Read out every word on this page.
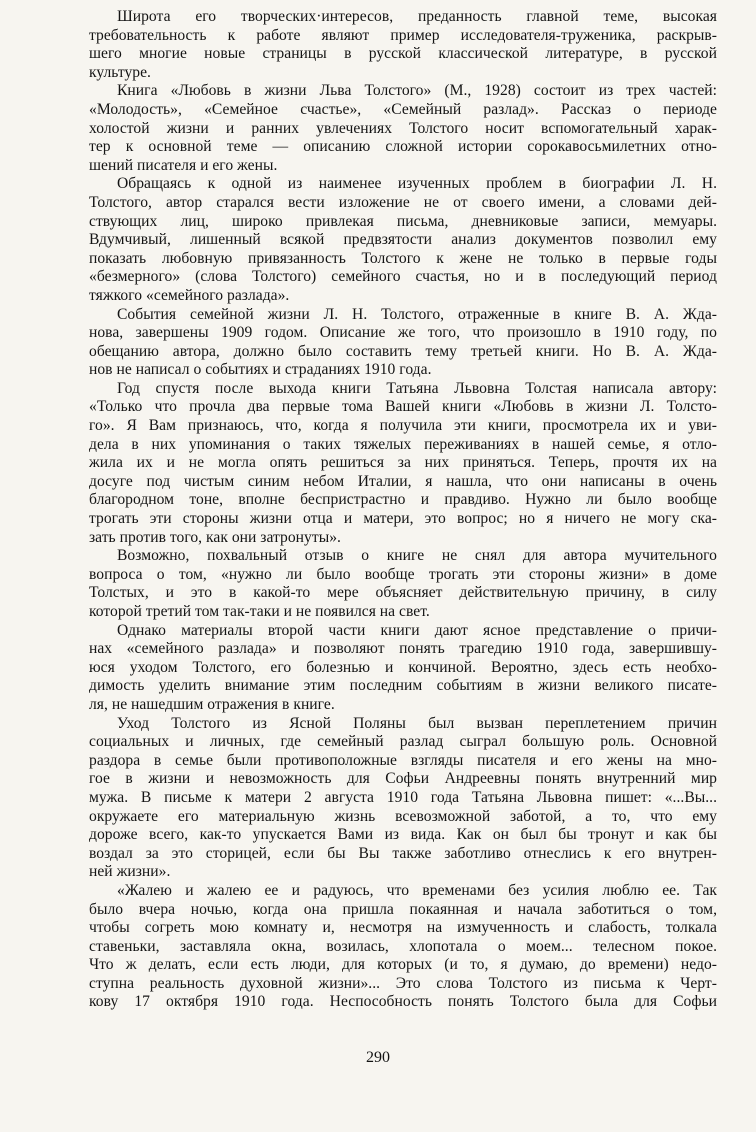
Широта его творческих·интересов, преданность главной теме, высокая
требовательность к работе являют пример исследователя-труженика, раскрыв-
шего многие новые страницы в русской классической литературе, в русской
культуре.
Книга «Любовь в жизни Льва Толстого» (М., 1928) состоит из трех частей:
«Молодость», «Семейное счастье», «Семейный разлад». Рассказ о периоде
холостой жизни и ранних увлечениях Толстого носит вспомогательный харак-
тер к основной теме — описанию сложной истории сорокавосьмилетних отно-
шений писателя и его жены.
Обращаясь к одной из наименее изученных проблем в биографии Л. Н.
Толстого, автор старался вести изложение не от своего имени, а словами дей-
ствующих лиц, широко привлекая письма, дневниковые записи, мемуары.
Вдумчивый, лишенный всякой предвзятости анализ документов позволил ему
показать любовную привязанность Толстого к жене не только в первые годы
«безмерного» (слова Толстого) семейного счастья, но и в последующий период
тяжкого «семейного разлада».
События семейной жизни Л. Н. Толстого, отраженные в книге В. А. Жда-
нова, завершены 1909 годом. Описание же того, что произошло в 1910 году, по
обещанию автора, должно было составить тему третьей книги. Но В. А. Жда-
нов не написал о событиях и страданиях 1910 года.
Год спустя после выхода книги Татьяна Львовна Толстая написала автору:
«Только что прочла два первые тома Вашей книги «Любовь в жизни Л. Толсто-
го». Я Вам признаюсь, что, когда я получила эти книги, просмотрела их и уви-
дела в них упоминания о таких тяжелых переживаниях в нашей семье, я отло-
жила их и не могла опять решиться за них приняться. Теперь, прочтя их на
досуге под чистым синим небом Италии, я нашла, что они написаны в очень
благородном тоне, вполне беспристрастно и правдиво. Нужно ли было вообще
трогать эти стороны жизни отца и матери, это вопрос; но я ничего не могу ска-
зать против того, как они затронуты».
Возможно, похвальный отзыв о книге не снял для автора мучительного
вопроса о том, «нужно ли было вообще трогать эти стороны жизни» в доме
Толстых, и это в какой-то мере объясняет действительную причину, в силу
которой третий том так-таки и не появился на свет.
Однако материалы второй части книги дают ясное представление о причи-
нах «семейного разлада» и позволяют понять трагедию 1910 года, завершившу-
юся уходом Толстого, его болезнью и кончиной. Вероятно, здесь есть необхо-
димость уделить внимание этим последним событиям в жизни великого писате-
ля, не нашедшим отражения в книге.
Уход Толстого из Ясной Поляны был вызван переплетением причин
социальных и личных, где семейный разлад сыграл большую роль. Основной
раздора в семье были противоположные взгляды писателя и его жены на мно-
гое в жизни и невозможность для Софьи Андреевны понять внутренний мир
мужа. В письме к матери 2 августа 1910 года Татьяна Львовна пишет: «...Вы...
окружаете его материальную жизнь всевозможной заботой, а то, что ему
дороже всего, как-то упускается Вами из вида. Как он был бы тронут и как бы
воздал за это сторицей, если бы Вы также заботливо отнеслись к его внутрен-
ней жизни».
«Жалею и жалею ее и радуюсь, что временами без усилия люблю ее. Так
было вчера ночью, когда она пришла покаянная и начала заботиться о том,
чтобы согреть мою комнату и, несмотря на измученность и слабость, толкала
ставеньки, заставляла окна, возилась, хлопотала о моем... телесном покое.
Что ж делать, если есть люди, для которых (и то, я думаю, до времени) недо-
ступна реальность духовной жизни»... Это слова Толстого из письма к Черт-
кову 17 октября 1910 года. Неспособность понять Толстого была для Софьи
290
